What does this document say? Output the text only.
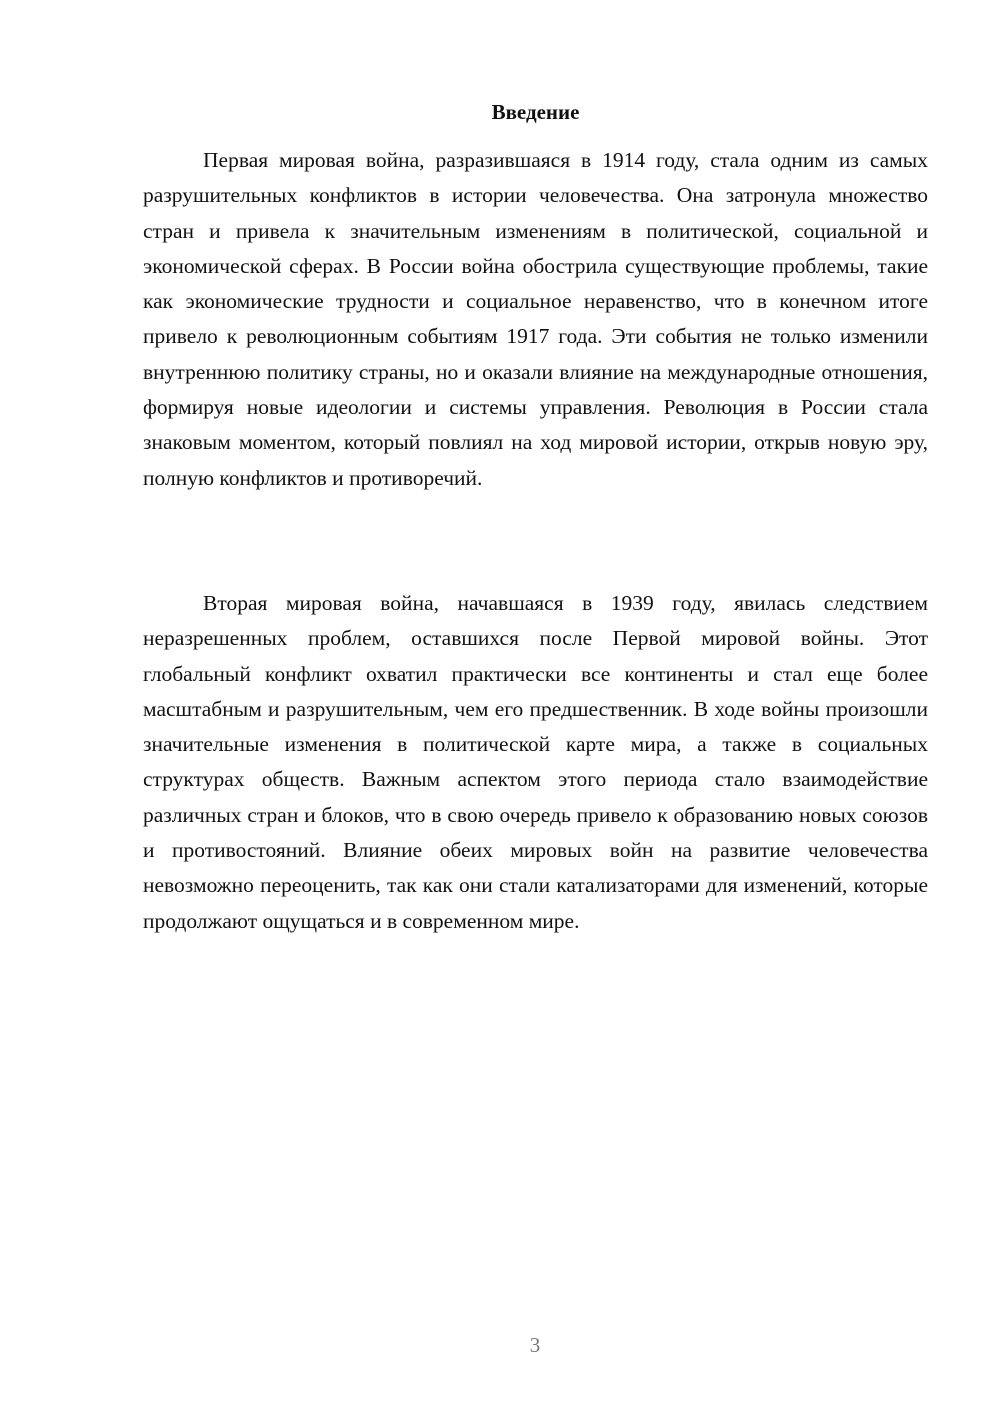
Введение

Первая мировая война, разразившаяся в 1914 году, стала одним из самых разрушительных конфликтов в истории человечества. Она затронула множество стран и привела к значительным изменениям в политической, социальной и экономической сферах. В России война обострила существующие проблемы, такие как экономические трудности и социальное неравенство, что в конечном итоге привело к революционным событиям 1917 года. Эти события не только изменили внутреннюю политику страны, но и оказали влияние на международные отношения, формируя новые идеологии и системы управления. Революция в России стала знаковым моментом, который повлиял на ход мировой истории, открыв новую эру, полную конфликтов и противоречий.

Вторая мировая война, начавшаяся в 1939 году, явилась следствием неразрешенных проблем, оставшихся после Первой мировой войны. Этот глобальный конфликт охватил практически все континенты и стал еще более масштабным и разрушительным, чем его предшественник. В ходе войны произошли значительные изменения в политической карте мира, а также в социальных структурах обществ. Важным аспектом этого периода стало взаимодействие различных стран и блоков, что в свою очередь привело к образованию новых союзов и противостояний. Влияние обеих мировых войн на развитие человечества невозможно переоценить, так как они стали катализаторами для изменений, которые продолжают ощущаться и в современном мире.

3
